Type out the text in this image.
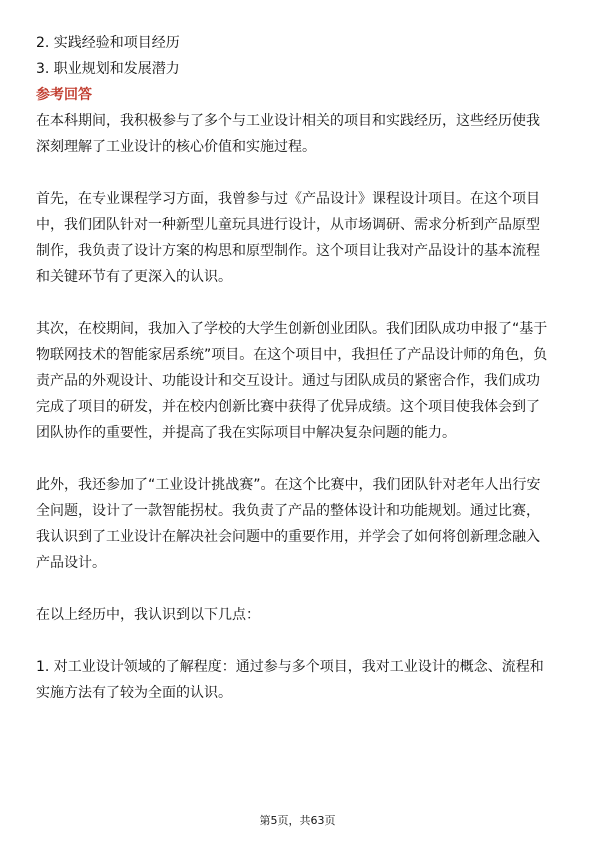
2. 实践经验和项目经历

3. 职业规划和发展潜力

参考回答

在本科期间，我积极参与了多个与工业设计相关的项目和实践经历，这些经历使我

深刻理解了工业设计的核心价值和实施过程。

首先，在专业课程学习方面，我曾参与过《产品设计》课程设计项目。在这个项目

中，我们团队针对一种新型儿童玩具进行设计，从市场调研、需求分析到产品原型

制作，我负责了设计方案的构思和原型制作。这个项目让我对产品设计的基本流程

和关键环节有了更深入的认识。

其次，在校期间，我加入了学校的大学生创新创业团队。我们团队成功申报了“基于

物联网技术的智能家居系统”项目。在这个项目中，我担任了产品设计师的角色，负

责产品的外观设计、功能设计和交互设计。通过与团队成员的紧密合作，我们成功

完成了项目的研发，并在校内创新比赛中获得了优异成绩。这个项目使我体会到了

团队协作的重要性，并提高了我在实际项目中解决复杂问题的能力。

此外，我还参加了“工业设计挑战赛”。在这个比赛中，我们团队针对老年人出行安

全问题，设计了一款智能拐杖。我负责了产品的整体设计和功能规划。通过比赛，

我认识到了工业设计在解决社会问题中的重要作用，并学会了如何将创新理念融入

产品设计。

在以上经历中，我认识到以下几点：

1. 对工业设计领域的了解程度：通过参与多个项目，我对工业设计的概念、流程和

实施方法有了较为全面的认识。

第5页，共63页
